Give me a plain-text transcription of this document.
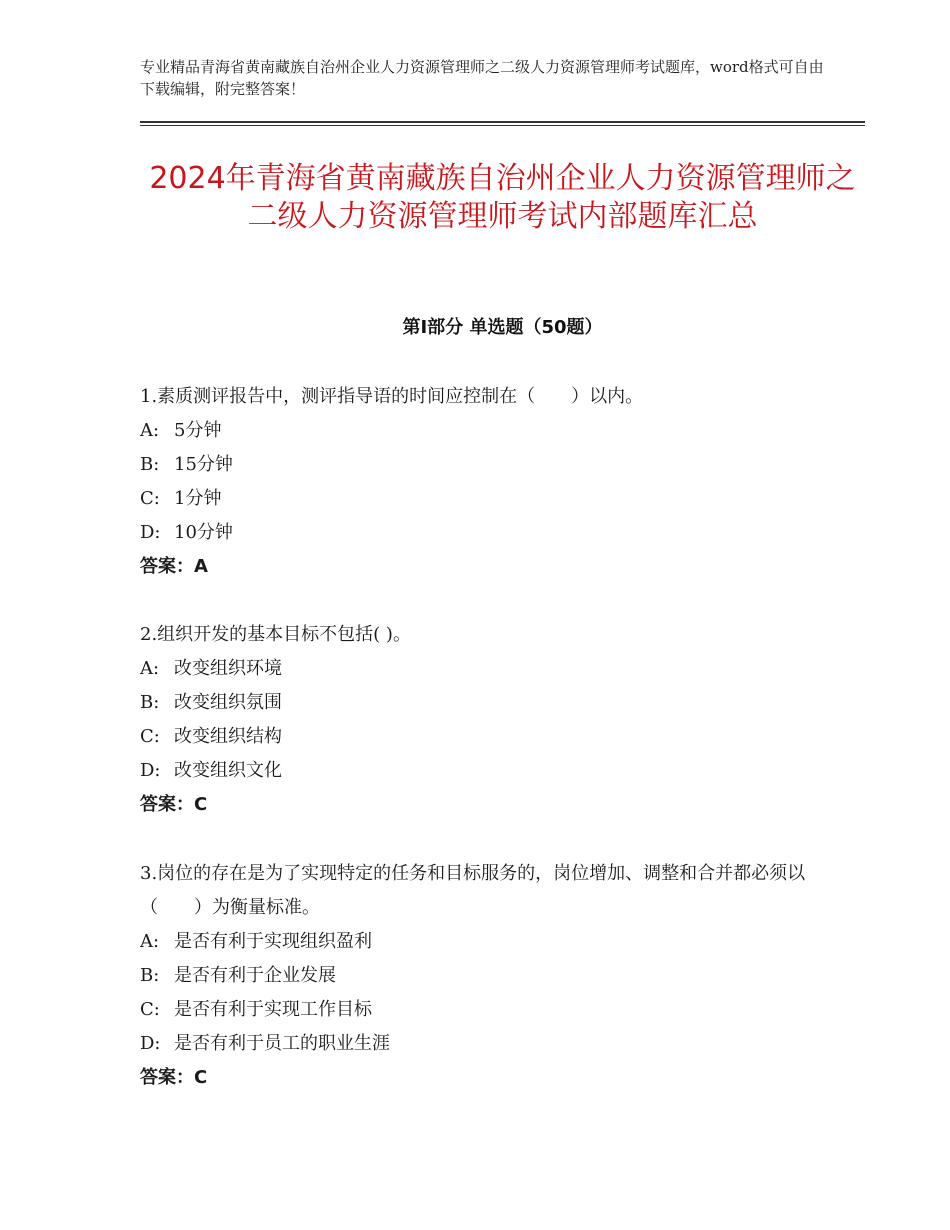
专业精品青海省黄南藏族自治州企业人力资源管理师之二级人力资源管理师考试题库，word格式可自由下载编辑，附完整答案！
2024年青海省黄南藏族自治州企业人力资源管理师之二级人力资源管理师考试内部题库汇总
第Ⅰ部分 单选题（50题）

1.素质测评报告中，测评指导语的时间应控制在（　　）以内。

A: 5分钟

B: 15分钟

C: 1分钟

D: 10分钟

答案：A

2.组织开发的基本目标不包括( )。

A: 改变组织环境

B: 改变组织氛围

C: 改变组织结构

D: 改变组织文化

答案：C

3.岗位的存在是为了实现特定的任务和目标服务的，岗位增加、调整和合并都必须以（　　）为衡量标准。

A: 是否有利于实现组织盈利

B: 是否有利于企业发展

C: 是否有利于实现工作目标

D: 是否有利于员工的职业生涯

答案：C
